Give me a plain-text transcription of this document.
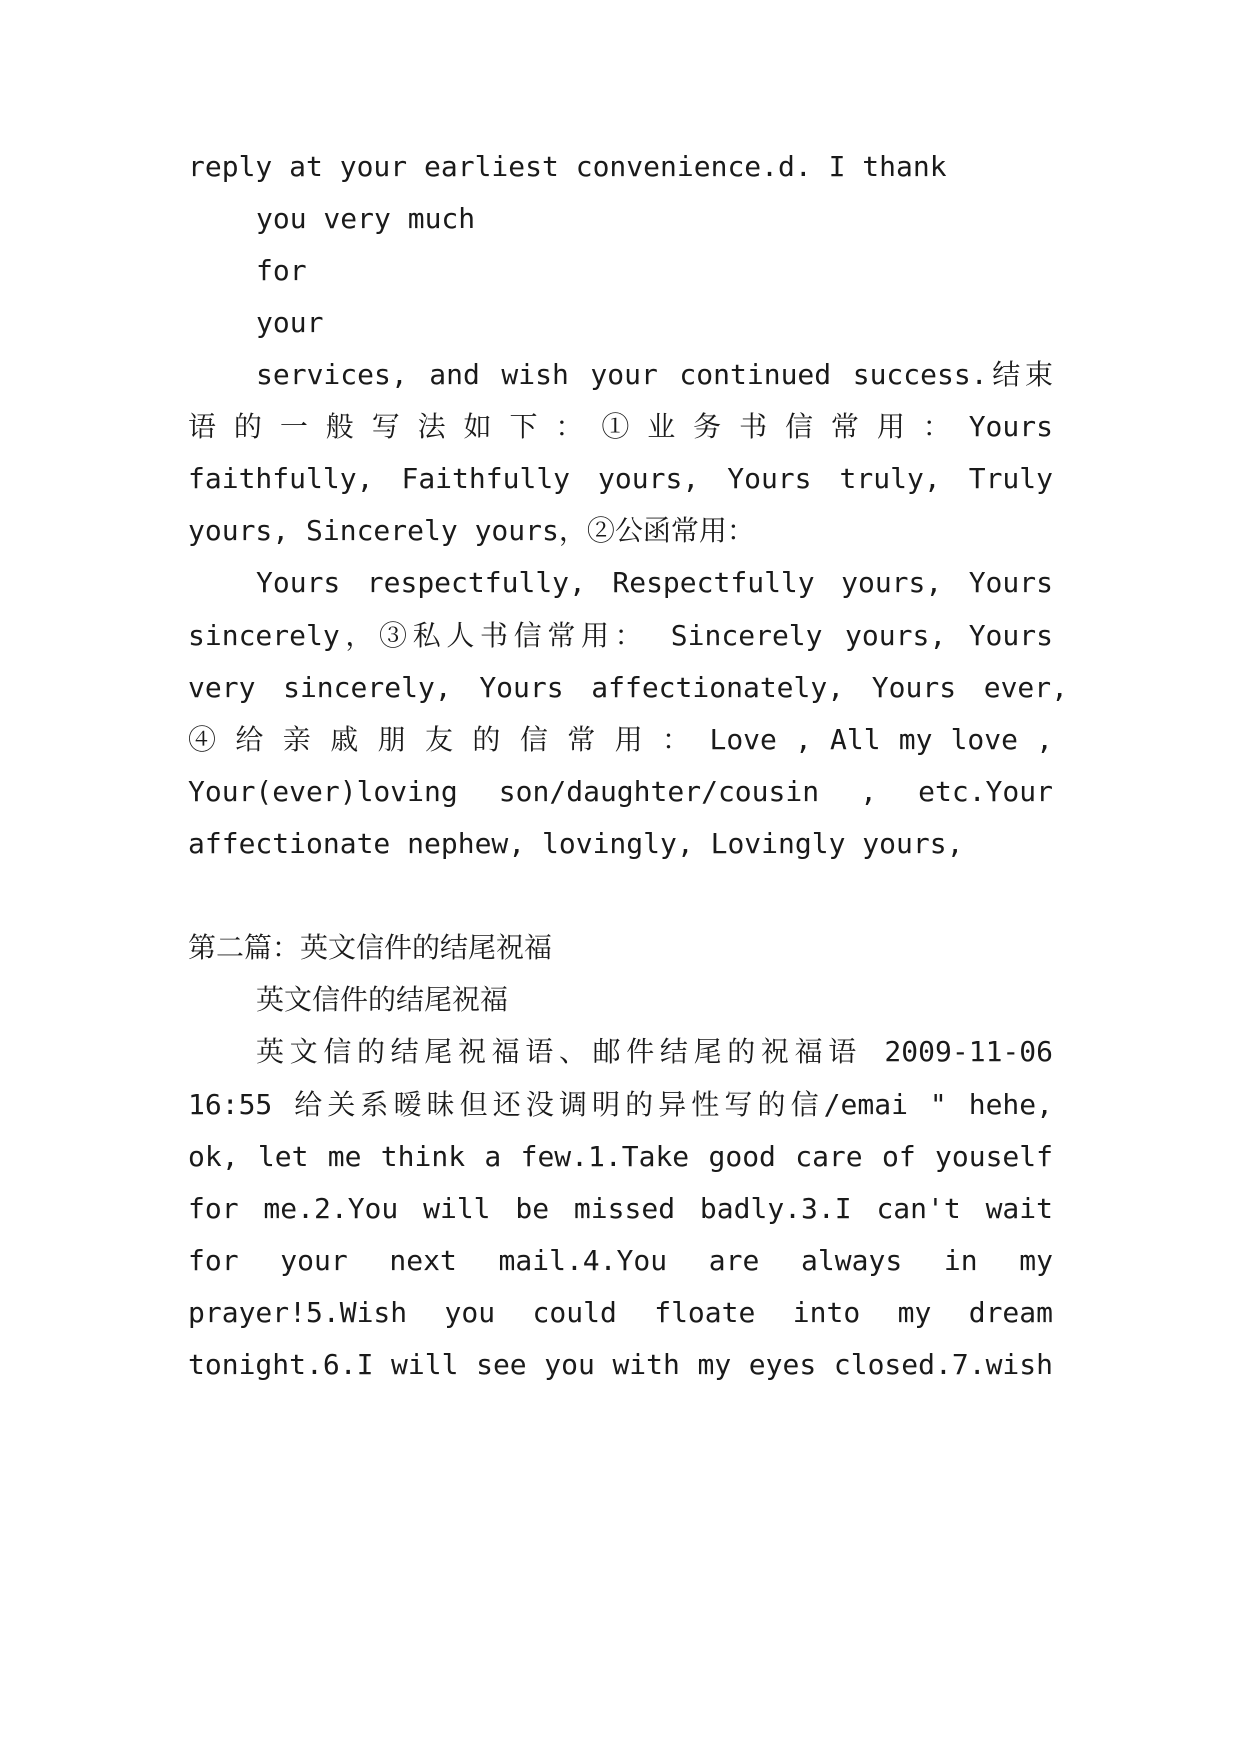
reply at your earliest convenience.d. I thank
you very much
for
your
services, and wish your continued success.结束
语 的 一 般 写 法 如 下 ： ① 业 务 书 信 常 用 ： Yours
faithfully, Faithfully yours, Yours truly, Truly
yours, Sincerely yours，②公函常用：
Yours respectfully, Respectfully yours, Yours
sincerely，③私人书信常用： Sincerely yours, Yours
very sincerely, Yours affectionately, Yours ever,
④ 给 亲 戚 朋 友 的 信 常 用 ： Love , All my love ,
Your(ever)loving son/daughter/cousin , etc.Your
affectionate nephew, lovingly, Lovingly yours,
第二篇：英文信件的结尾祝福
英文信件的结尾祝福
英文信的结尾祝福语、邮件结尾的祝福语 2009-11-06
16:55 给关系暧昧但还没调明的异性写的信/emai " hehe,
ok, let me think a few.1.Take good care of youself
for me.2.You will be missed badly.3.I can't wait
for your next mail.4.You are always in my
prayer!5.Wish you could floate into my dream
tonight.6.I will see you with my eyes closed.7.wish
